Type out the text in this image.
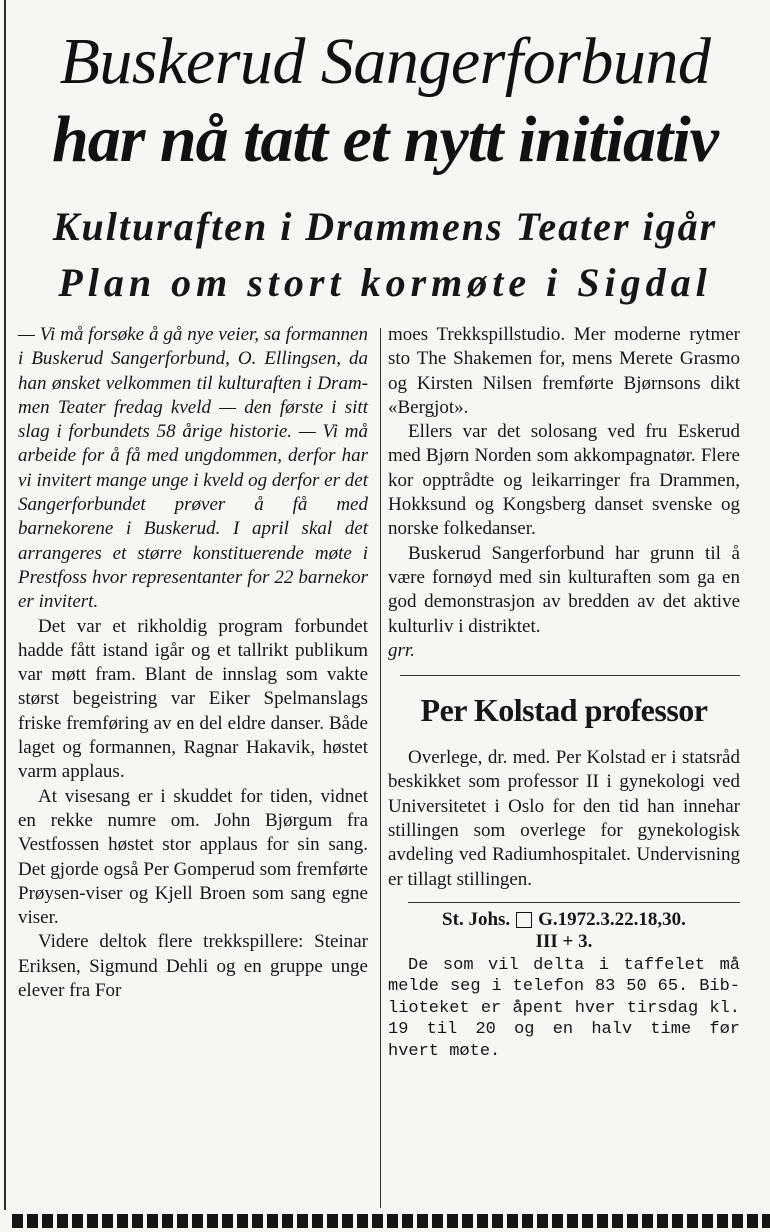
Buskerud Sangerforbund
har nå tatt et nytt initiativ
Kulturaften i Drammens Teater igår
Plan om stort kormøte i Sigdal

— Vi må forsøke å gå nye veier, sa formannen i Buskerud Sangerforbund, O. Ellingsen, da han ønsket velkommen til kulturaften i Drammen Teater fredag kveld — den første i sitt slag i forbundets 58 årige historie. — Vi må arbeide for å få med ungdommen, derfor har vi invitert mange unge i kveld og derfor er det Sangerforbundet prøver å få med barnekorene i Buskerud. I april skal det arrangeres et større konstituerende møte i Prestfoss hvor representanter for 22 barnekor er invitert.

Det var et rikholdig program forbundet hadde fått istand igår og et tallrikt publikum var møtt fram. Blant de innslag som vakte størst begeistring var Eiker Spelmanslags friske fremføring av en del eldre danser. Både laget og formannen, Ragnar Hakavik, høstet varm applaus.

At visesang er i skuddet for tiden, vidnet en rekke numre om. John Bjørgum fra Vestfossen høstet stor applaus for sin sang. Det gjorde også Per Gomperud som fremførte Prøysen-viser og Kjell Broen som sang egne viser.

Videre deltok flere trekkspillere: Steinar Eriksen, Sigmund Dehli og en gruppe unge elever fra For

moes Trekkspillstudio. Mer moderne rytmer sto The Shakemen for, mens Merete Grasmo og Kirsten Nilsen fremførte Bjørnsons dikt «Bergjot».

Ellers var det solosang ved fru Eskerud med Bjørn Norden som akkompagnatør. Flere kor opptrådte og leikarringer fra Drammen, Hokksund og Kongsberg danset svenske og norske folkedanser.

Buskerud Sangerforbund har grunn til å være fornøyd med sin kulturaften som ga en god demonstrasjon av bredden av det aktive kulturliv i distriktet.

grr.

Per Kolstad professor

Overlege, dr. med. Per Kolstad er i statsråd beskikket som professor II i gynekologi ved Universitetet i Oslo for den tid han innehar stillingen som overlege for gynekologisk avdeling ved Radiumhospitalet. Undervisning er tillagt stillingen.

St. Johs. G.1972.3.22.18,30.
III + 3.

De som vil delta i taffelet må melde seg i telefon 83 50 65. Biblioteket er åpent hver tirsdag kl. 19 til 20 og en halv time før hvert møte.
